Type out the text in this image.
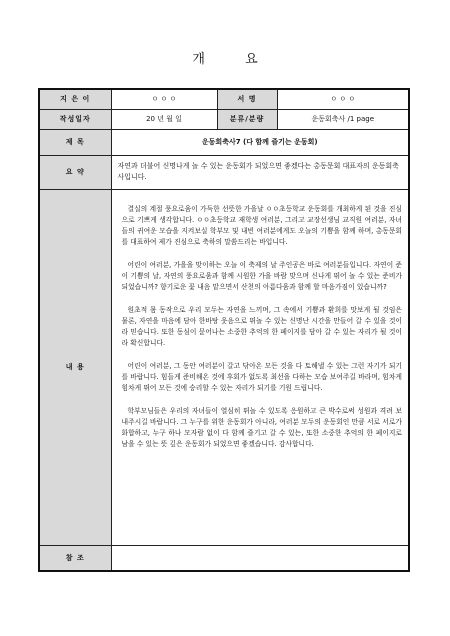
개 요
지 은 이	ㅇ ㅇ ㅇ	서 명	ㅇ ㅇ ㅇ
작성일자	20 년 월 일	분류/분량	운동회축사 /1 page
제 목	운동회축사7 (다 함께 즐기는 운동회)		
요 약	자연과 더불어 신명나게 놀 수 있는 운동회가 되었으면 좋겠다는 총동문회 대표자의 운동회축사입니다.		

내 용	결실의 계절 풍요로움이 가득한 선뜻한 가을날 ㅇㅇ초등학교 운동회를 개최하게 된 것을 진심으로 기쁘게 생각합니다. ㅇㅇ초등학교 재학생 여러분, 그리고 교장선생님 교직원 여러분, 자녀들의 귀여운 모습을 지켜보실 학부모 및 내빈 여러분에게도 오늘의 기쁨을 함께 하며, 총동문회를 대표하여 제가 진심으로 축하의 말씀드리는 바입니다.

어린이 여러분, 가을을 맞이하는 오늘 이 축제의 날 주인공은 바로 여러분들입니다. 자연이 준 이 기쁨의 날, 자연의 풍요로움과 함께 시원한 가을 바람 맞으며 신나게 뛰어 놀 수 있는 준비가 되었습니까? 향기로운 꽃 내음 맡으면서 산천의 아름다움과 함께 할 마음가짐이 있습니까?

원초적 몸 동작으로 우리 모두는 자연을 느끼며, 그 속에서 기쁨과 환희를 맛보게 될 것임은 물론, 자연을 마음에 담아 한바탕 웃음으로 뛰놀 수 있는 신명난 시간을 만들어 갈 수 있을 것이라 믿습니다. 또한 동심이 묻어나는 소중한 추억의 한 페이지를 담아 갈 수 있는 자리가 될 것이라 확신합니다.

어린이 여러분, 그 동안 여러분이 갈고 닦아온 모든 것을 다 토해낼 수 있는 그런 자기가 되기를 바랍니다. 힘들게 준비해온 것에 후회가 없도록 최선을 다하는 모습 보여주길 바라며, 힘차게 힘차게 뛰어 모든 것에 승리할 수 있는 자리가 되기를 기원 드립니다.

학부모님들은 우리의 자녀들이 열심히 뛰놀 수 있도록 응원하고 큰 박수로써 성원과 격려 보내주시길 바랍니다. 그 누구를 위한 운동회가 아니라, 여러분 모두의 운동회인 만큼 서로 서로가 화합하고, 누구 하나 모자람 없이 다 함께 즐기고 갈 수 있는, 또한 소중한 추억의 한 페이지로 남을 수 있는 뜻 깊은 운동회가 되었으면 좋겠습니다. 감사합니다.		

참 조			
